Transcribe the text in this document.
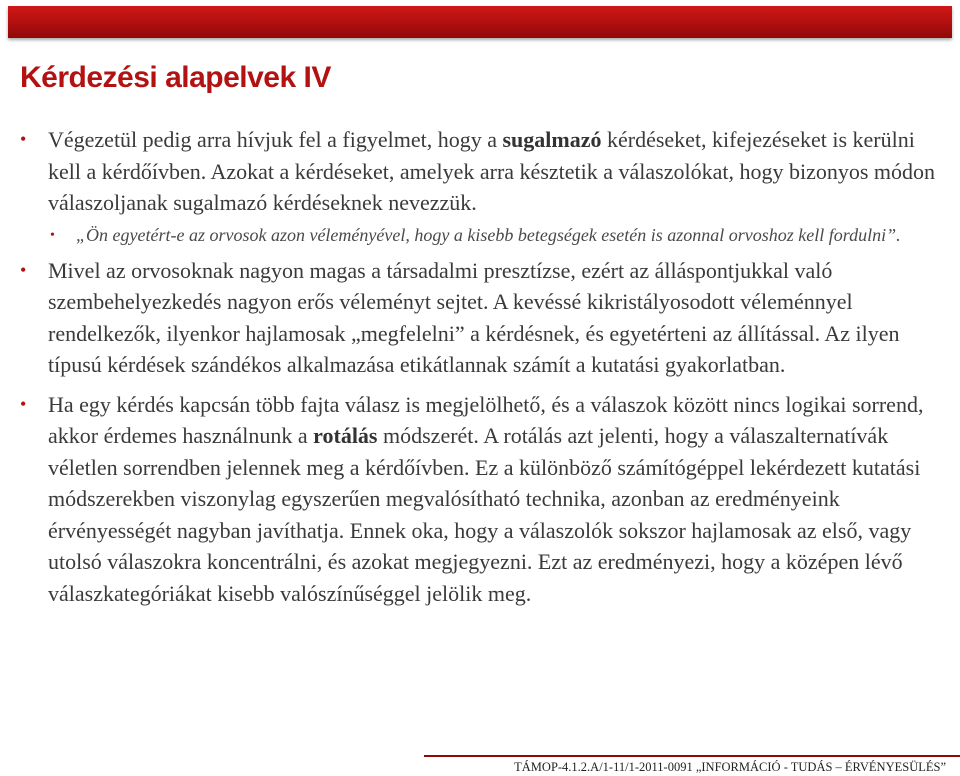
Kérdezési alapelvek IV
• Végezetül pedig arra hívjuk fel a figyelmet, hogy a sugalmazó kérdéseket, kifejezéseket is kerülni kell a kérdőívben. Azokat a kérdéseket, amelyek arra késztetik a válaszolókat, hogy bizonyos módon válaszoljanak sugalmazó kérdéseknek nevezzük.
• „Ön egyetért-e az orvosok azon véleményével, hogy a kisebb betegségek esetén is azonnal orvoshoz kell fordulni”.
• Mivel az orvosoknak nagyon magas a társadalmi presztízse, ezért az álláspontjukkal való szembehelyezkedés nagyon erős véleményt sejtet. A kevéssé kikristályosodott véleménnyel rendelkezők, ilyenkor hajlamosak „megfelelni” a kérdésnek, és egyetérteni az állítással. Az ilyen típusú kérdések szándékos alkalmazása etikátlannak számít a kutatási gyakorlatban.
• Ha egy kérdés kapcsán több fajta válasz is megjelölhető, és a válaszok között nincs logikai sorrend, akkor érdemes használnunk a rotálás módszerét. A rotálás azt jelenti, hogy a válaszalternatívák véletlen sorrendben jelennek meg a kérdőívben. Ez a különböző számítógéppel lekérdezett kutatási módszerekben viszonylag egyszerűen megvalósítható technika, azonban az eredményeink érvényességét nagyban javíthatja. Ennek oka, hogy a válaszolók sokszor hajlamosak az első, vagy utolsó válaszokra koncentrálni, és azokat megjegyezni. Ezt az eredményezi, hogy a középen lévő válaszkategóriákat kisebb valószínűséggel jelölik meg.
TÁMOP-4.1.2.A/1-11/1-2011-0091 „INFORMÁCIÓ - TUDÁS – ÉRVÉNYESÜLÉS”
